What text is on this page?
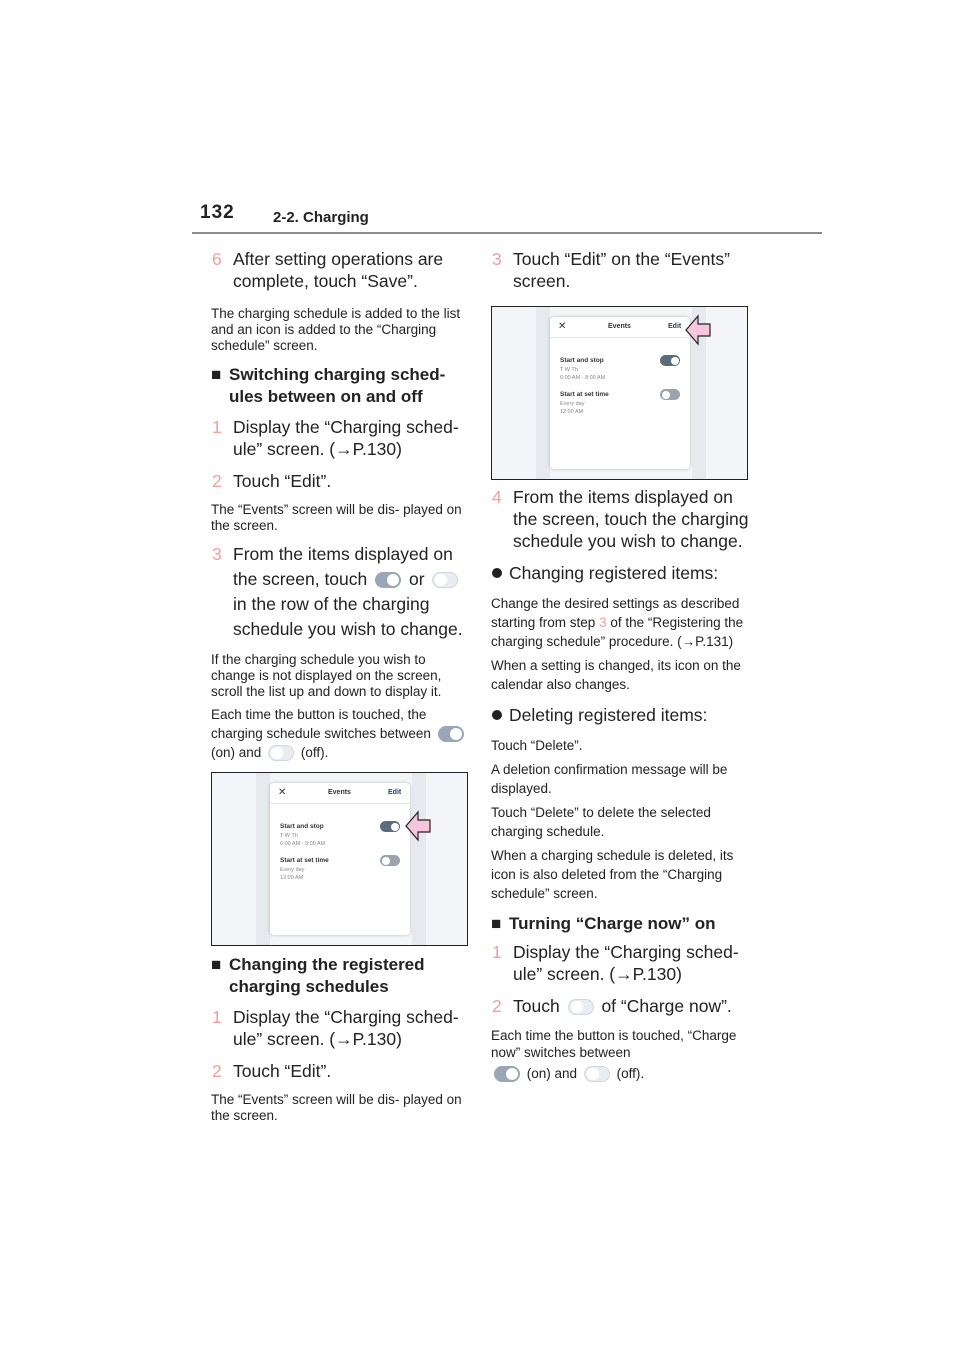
132	2-2. Charging
6 After setting operations are complete, touch “Save”.
The charging schedule is added to the list and an icon is added to the “Charging schedule” screen.
■ Switching charging sched- ules between on and off
1 Display the “Charging sched- ule” screen. (→P.130)
2 Touch “Edit”.
The “Events” screen will be dis- played on the screen.
3 From the items displayed on the screen, touch or  in the row of the charging schedule you wish to change.
If the charging schedule you wish to change is not displayed on the screen, scroll the list up and down to display it.
Each time the button is touched, the charging schedule switches between  (on) and	(off).
✕	Events	Edit
Start and stop
T W Th
6:00 AM - 8:00 AM
Start at set time
Every day
12:00 AM
■ Changing the registered charging schedules
1 Display the “Charging sched- ule” screen. (→P.130)
2 Touch “Edit”.
The “Events” screen will be dis- played on the screen.
3 Touch “Edit” on the “Events” screen.
✕	Events	Edit
Start and stop
T W Th
6:00 AM - 8:00 AM
Start at set time
Every day
12:00 AM
4 From the items displayed on the screen, touch the charging schedule you wish to change.
Changing registered items:
Change the desired settings as described starting from step 3 of the “Registering the charging schedule” procedure. (→P.131)
When a setting is changed, its icon on the calendar also changes.
Deleting registered items:
Touch “Delete”.
A deletion confirmation message will be displayed.
Touch “Delete” to delete the selected charging schedule.
When a charging schedule is deleted, its icon is also deleted from the “Charging schedule” screen.
■ Turning “Charge now” on
1 Display the “Charging sched- ule” screen. (→P.130)
2 Touch of “Charge now”.
Each time the button is touched, “Charge now” switches between
(on) and	(off).
